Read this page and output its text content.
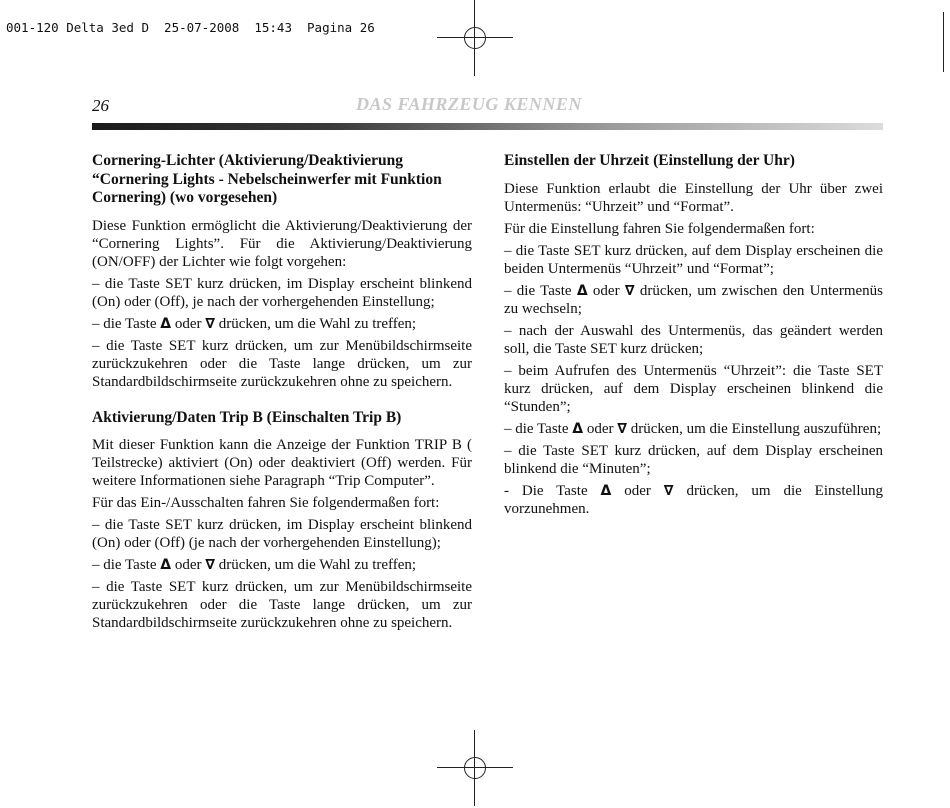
001-120 Delta 3ed D  25-07-2008  15:43  Pagina 26
26	DAS FAHRZEUG KENNEN
Cornering-Lichter (Aktivierung/Deaktivierung “Cornering Lights - Nebelscheinwerfer mit Funktion Cornering) (wo vorgesehen)
Diese Funktion ermöglicht die Aktivierung/Deaktivierung der “Cornering Lights”. Für die Aktivierung/Deaktivierung (ON/OFF) der Lichter wie folgt vorgehen:
– die Taste SET kurz drücken, im Display erscheint blinkend (On) oder (Off), je nach der vorhergehenden Einstellung;
– die Taste Δ oder ∇ drücken, um die Wahl zu treffen;
– die Taste SET kurz drücken, um zur Menübildschirmseite zurückzukehren oder die Taste lange drücken, um zur Standardbildschirmseite zurückzukehren ohne zu speichern.
Aktivierung/Daten Trip B (Einschalten Trip B)
Mit dieser Funktion kann die Anzeige der Funktion TRIP B ( Teilstrecke) aktiviert (On) oder deaktiviert (Off) werden. Für weitere Informationen siehe Paragraph “Trip Computer”.
Für das Ein-/Ausschalten fahren Sie folgendermaßen fort:
– die Taste SET kurz drücken, im Display erscheint blinkend (On) oder (Off) (je nach der vorhergehenden Einstellung);
– die Taste Δ oder ∇ drücken, um die Wahl zu treffen;
– die Taste SET kurz drücken, um zur Menübildschirmseite zurückzukehren oder die Taste lange drücken, um zur Standardbildschirmseite zurückzukehren ohne zu speichern.
Einstellen der Uhrzeit (Einstellung der Uhr)
Diese Funktion erlaubt die Einstellung der Uhr über zwei Untermenüs: “Uhrzeit” und “Format”.
Für die Einstellung fahren Sie folgendermaßen fort:
– die Taste SET kurz drücken, auf dem Display erscheinen die beiden Untermenüs “Uhrzeit” und “Format”;
– die Taste Δ oder ∇ drücken, um zwischen den Untermenüs zu wechseln;
– nach der Auswahl des Untermenüs, das geändert werden soll, die Taste SET kurz drücken;
– beim Aufrufen des Untermenüs “Uhrzeit”: die Taste SET kurz drücken, auf dem Display erscheinen blinkend die “Stunden”;
– die Taste Δ oder ∇ drücken, um die Einstellung auszuführen;
– die Taste SET kurz drücken, auf dem Display erscheinen blinkend die “Minuten”;
- Die Taste Δ oder ∇ drücken, um die Einstellung vorzunehmen.
